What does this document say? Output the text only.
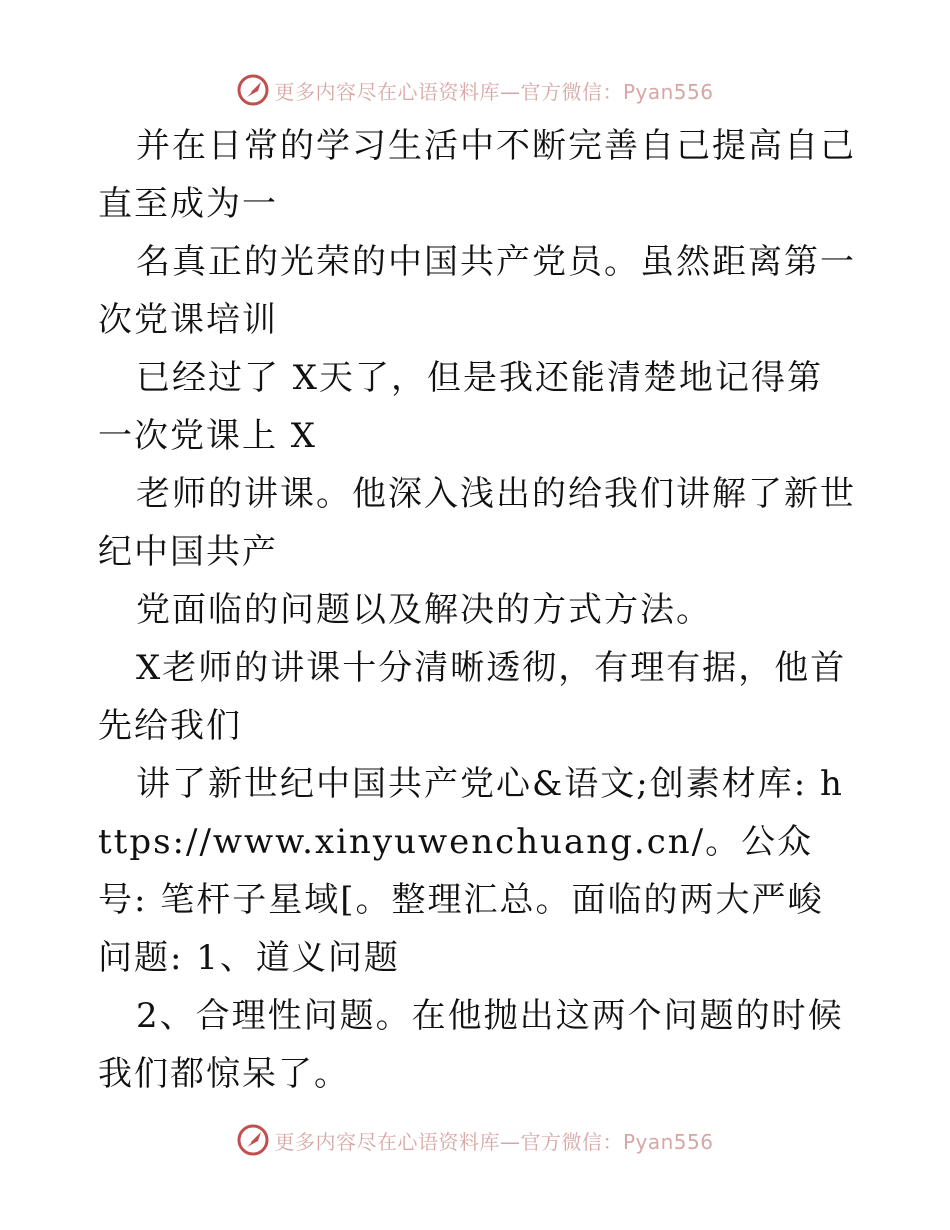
更多内容尽在心语资料库—官方微信：Pyan556

并在日常的学习生活中不断完善自己提高自己直至成为一

名真正的光荣的中国共产党员。虽然距离第一次党课培训

已经过了 X天了，但是我还能清楚地记得第一次党课上 X

老师的讲课。他深入浅出的给我们讲解了新世纪中国共产

党面临的问题以及解决的方式方法。

X老师的讲课十分清晰透彻，有理有据，他首先给我们

讲了新世纪中国共产党心&语文;创素材库: https://www.xinyuwenchuang.cn/。公众号: 笔杆子星域[。整理汇总。面临的两大严峻问题: 1、道义问题

2、合理性问题。在他抛出这两个问题的时候我们都惊呆了。

更多内容尽在心语资料库—官方微信：Pyan556
